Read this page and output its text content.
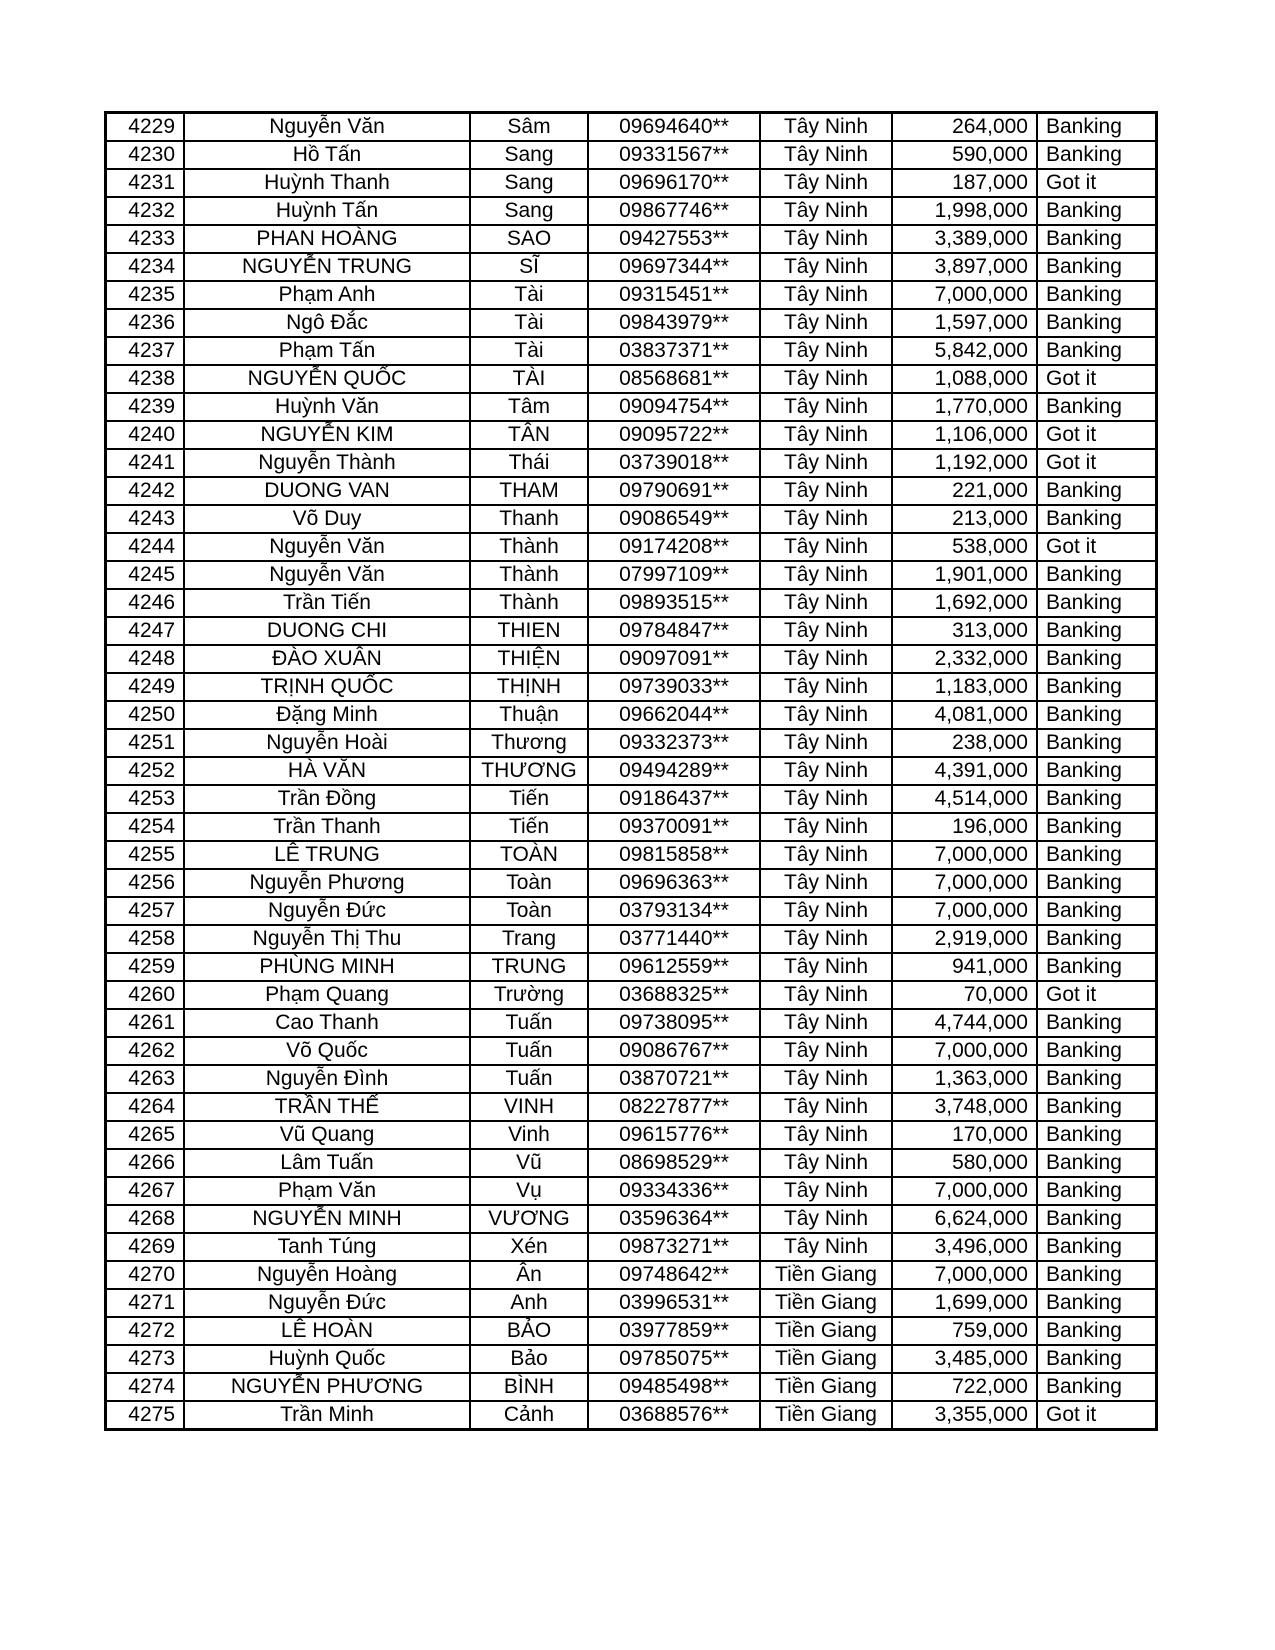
4229	Nguyễn Văn	Sâm	09694640**	Tây Ninh	264,000	Banking
4230	Hồ Tấn	Sang	09331567**	Tây Ninh	590,000	Banking
4231	Huỳnh Thanh	Sang	09696170**	Tây Ninh	187,000	Got it
4232	Huỳnh Tấn	Sang	09867746**	Tây Ninh	1,998,000	Banking
4233	PHAN HOÀNG	SAO	09427553**	Tây Ninh	3,389,000	Banking
4234	NGUYỄN TRUNG	SĨ	09697344**	Tây Ninh	3,897,000	Banking
4235	Phạm Anh	Tài	09315451**	Tây Ninh	7,000,000	Banking
4236	Ngô Đắc	Tài	09843979**	Tây Ninh	1,597,000	Banking
4237	Phạm Tấn	Tài	03837371**	Tây Ninh	5,842,000	Banking
4238	NGUYỄN QUỐC	TÀI	08568681**	Tây Ninh	1,088,000	Got it
4239	Huỳnh Văn	Tâm	09094754**	Tây Ninh	1,770,000	Banking
4240	NGUYỄN KIM	TÂN	09095722**	Tây Ninh	1,106,000	Got it
4241	Nguyễn Thành	Thái	03739018**	Tây Ninh	1,192,000	Got it
4242	DUONG VAN	THAM	09790691**	Tây Ninh	221,000	Banking
4243	Võ Duy	Thanh	09086549**	Tây Ninh	213,000	Banking
4244	Nguyễn Văn	Thành	09174208**	Tây Ninh	538,000	Got it
4245	Nguyễn Văn	Thành	07997109**	Tây Ninh	1,901,000	Banking
4246	Trần Tiến	Thành	09893515**	Tây Ninh	1,692,000	Banking
4247	DUONG CHI	THIEN	09784847**	Tây Ninh	313,000	Banking
4248	ĐÀO XUÂN	THIỆN	09097091**	Tây Ninh	2,332,000	Banking
4249	TRỊNH QUỐC	THỊNH	09739033**	Tây Ninh	1,183,000	Banking
4250	Đặng Minh	Thuận	09662044**	Tây Ninh	4,081,000	Banking
4251	Nguyễn Hoài	Thương	09332373**	Tây Ninh	238,000	Banking
4252	HÀ VĂN	THƯƠNG	09494289**	Tây Ninh	4,391,000	Banking
4253	Trần Đồng	Tiến	09186437**	Tây Ninh	4,514,000	Banking
4254	Trần Thanh	Tiến	09370091**	Tây Ninh	196,000	Banking
4255	LÊ TRUNG	TOÀN	09815858**	Tây Ninh	7,000,000	Banking
4256	Nguyễn Phương	Toàn	09696363**	Tây Ninh	7,000,000	Banking
4257	Nguyễn Đức	Toàn	03793134**	Tây Ninh	7,000,000	Banking
4258	Nguyễn Thị Thu	Trang	03771440**	Tây Ninh	2,919,000	Banking
4259	PHÙNG MINH	TRUNG	09612559**	Tây Ninh	941,000	Banking
4260	Phạm Quang	Trường	03688325**	Tây Ninh	70,000	Got it
4261	Cao Thanh	Tuấn	09738095**	Tây Ninh	4,744,000	Banking
4262	Võ Quốc	Tuấn	09086767**	Tây Ninh	7,000,000	Banking
4263	Nguyễn Đình	Tuấn	03870721**	Tây Ninh	1,363,000	Banking
4264	TRẦN THẾ	VINH	08227877**	Tây Ninh	3,748,000	Banking
4265	Vũ Quang	Vinh	09615776**	Tây Ninh	170,000	Banking
4266	Lâm Tuấn	Vũ	08698529**	Tây Ninh	580,000	Banking
4267	Phạm Văn	Vụ	09334336**	Tây Ninh	7,000,000	Banking
4268	NGUYỄN MINH	VƯƠNG	03596364**	Tây Ninh	6,624,000	Banking
4269	Tanh Túng	Xén	09873271**	Tây Ninh	3,496,000	Banking
4270	Nguyễn Hoàng	Ân	09748642**	Tiền Giang	7,000,000	Banking
4271	Nguyễn Đức	Anh	03996531**	Tiền Giang	1,699,000	Banking
4272	LÊ HOÀN	BẢO	03977859**	Tiền Giang	759,000	Banking
4273	Huỳnh Quốc	Bảo	09785075**	Tiền Giang	3,485,000	Banking
4274	NGUYỄN PHƯƠNG	BÌNH	09485498**	Tiền Giang	722,000	Banking
4275	Trần Minh	Cảnh	03688576**	Tiền Giang	3,355,000	Got it
